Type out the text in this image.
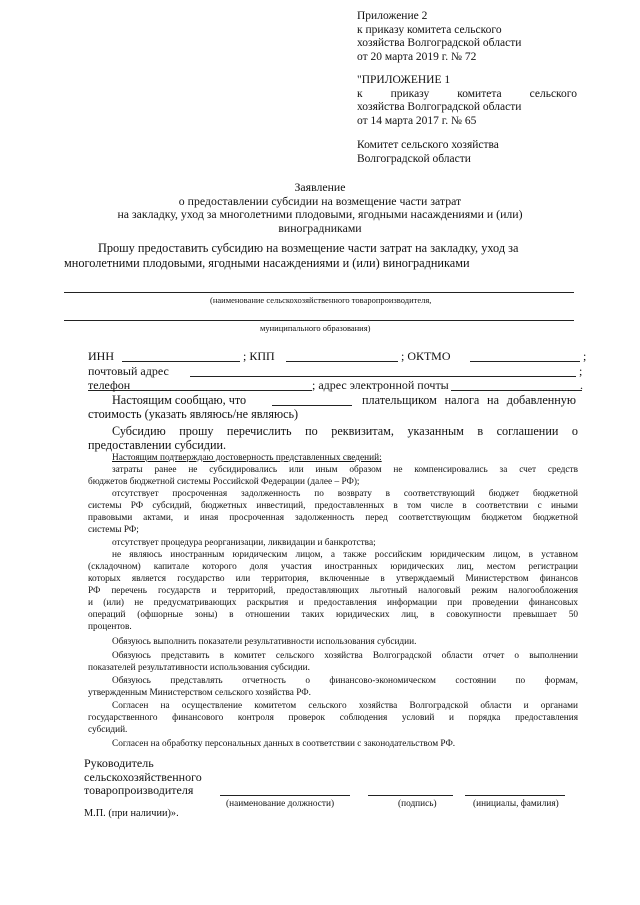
Приложение 2
к приказу комитета сельского
хозяйства Волгоградской области
от 20 марта 2019 г. № 72
"ПРИЛОЖЕНИЕ 1
к приказу комитета сельского
хозяйства Волгоградской области
от 14 марта 2017 г. № 65
Комитет сельского хозяйства
Волгоградской области
Заявление
о предоставлении субсидии на возмещение части затрат
на закладку, уход за многолетними плодовыми, ягодными насаждениями и (или)
виноградниками
Прошу предоставить субсидию на возмещение части затрат на закладку, уход за
многолетними плодовыми, ягодными насаждениями и (или) виноградниками
(наименование сельскохозяйственного товаропроизводителя,
муниципального образования)
ИНН	; КПП	; ОКТМО	;
почтовый адрес	;
телефон	; адрес электронной почты	.
Настоящим сообщаю, что	плательщиком налога на добавленную
стоимость (указать являюсь/не являюсь)
Субсидию прошу перечислить по реквизитам, указанным в соглашении о
предоставлении субсидии.
Настоящим подтверждаю достоверность представленных сведений:
затраты ранее не субсидировались или иным образом не компенсировались за счет средств
бюджетов бюджетной системы Российской Федерации (далее – РФ);
отсутствует просроченная задолженность по возврату в соответствующий бюджет бюджетной
системы РФ субсидий, бюджетных инвестиций, предоставленных в том числе в соответствии с иными
правовыми актами, и иная просроченная задолженность перед соответствующим бюджетом бюджетной
системы РФ;
отсутствует процедура реорганизации, ликвидации и банкротства;
не являюсь иностранным юридическим лицом, а также российским юридическим лицом, в уставном
(складочном) капитале которого доля участия иностранных юридических лиц, местом регистрации
которых является государство или территория, включенные в утверждаемый Министерством финансов
РФ перечень государств и территорий, предоставляющих льготный налоговый режим налогообложения
и (или) не предусматривающих раскрытия и предоставления информации при проведении финансовых
операций (офшорные зоны) в отношении таких юридических лиц, в совокупности превышает 50
процентов.
Обязуюсь выполнить показатели результативности использования субсидии.
Обязуюсь представить в комитет сельского хозяйства Волгоградской области отчет о выполнении
показателей результативности использования субсидии.
Обязуюсь представлять отчетность о финансово-экономическом состоянии по формам,
утвержденным Министерством сельского хозяйства РФ.
Согласен на осуществление комитетом сельского хозяйства Волгоградской области и органами
государственного финансового контроля проверок соблюдения условий и порядка предоставления
субсидий.
Согласен на обработку персональных данных в соответствии с законодательством РФ.
Руководитель
сельскохозяйственного
товаропроизводителя
(наименование должности)	(подпись)	(инициалы, фамилия)
М.П. (при наличии)».
